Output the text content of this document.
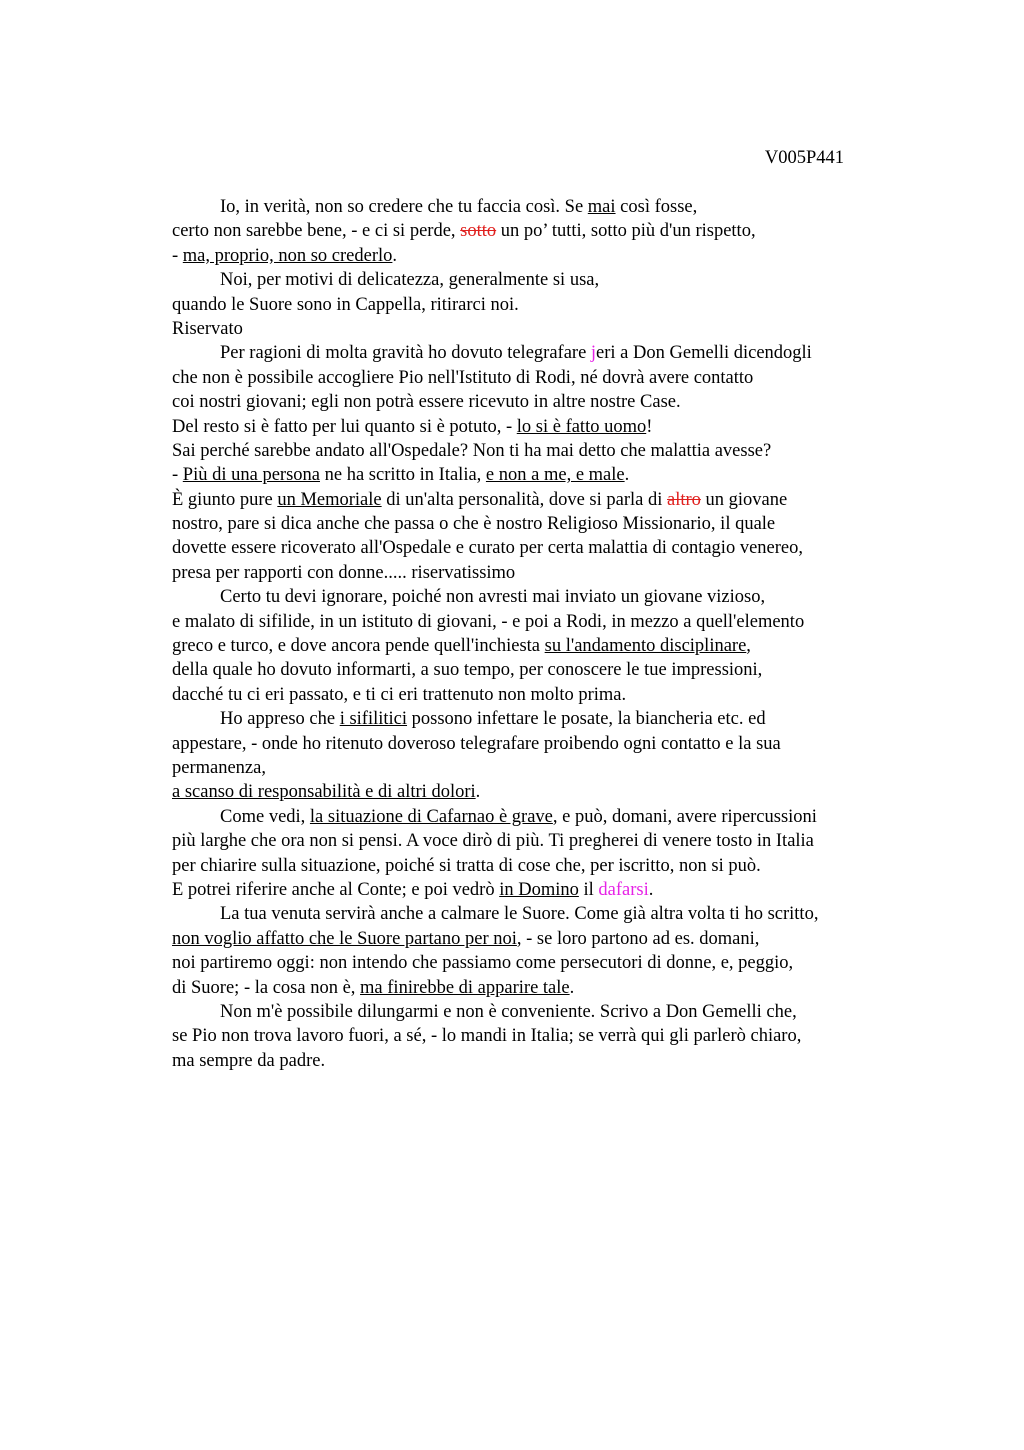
V005P441
Io, in verità, non so credere che tu faccia così. Se mai così fosse,
certo non sarebbe bene, - e ci si perde, sotto un po’ tutti, sotto più d'un rispetto,
- ma, proprio, non so crederlo.
Noi, per motivi di delicatezza, generalmente si usa,
quando le Suore sono in Cappella, ritirarci noi.
Riservato
Per ragioni di molta gravità ho dovuto telegrafare jeri a Don Gemelli dicendogli
che non è possibile accogliere Pio nell'Istituto di Rodi, né dovrà avere contatto
coi nostri giovani; egli non potrà essere ricevuto in altre nostre Case.
Del resto si è fatto per lui quanto si è potuto, - lo si è fatto uomo!
Sai perché sarebbe andato all'Ospedale? Non ti ha mai detto che malattia avesse?
- Più di una persona ne ha scritto in Italia, e non a me, e male.
È giunto pure un Memoriale di un'alta personalità, dove si parla di altro un giovane
nostro, pare si dica anche che passa o che è nostro Religioso Missionario, il quale
dovette essere ricoverato all'Ospedale e curato per certa malattia di contagio venereo,
presa per rapporti con donne..... riservatissimo
Certo tu devi ignorare, poiché non avresti mai inviato un giovane vizioso,
e malato di sifilide, in un istituto di giovani, - e poi a Rodi, in mezzo a quell'elemento
greco e turco, e dove ancora pende quell'inchiesta su l'andamento disciplinare,
della quale ho dovuto informarti, a suo tempo, per conoscere le tue impressioni,
dacché tu ci eri passato, e ti ci eri trattenuto non molto prima.
Ho appreso che i sifilitici possono infettare le posate, la biancheria etc. ed
appestare, - onde ho ritenuto doveroso telegrafare proibendo ogni contatto e la sua
permanenza,
a scanso di responsabilità e di altri dolori.
Come vedi, la situazione di Cafarnao è grave, e può, domani, avere ripercussioni
più larghe che ora non si pensi. A voce dirò di più. Ti pregherei di venere tosto in Italia
per chiarire sulla situazione, poiché si tratta di cose che, per iscritto, non si può.
E potrei riferire anche al Conte; e poi vedrò in Domino il dafarsi.
La tua venuta servirà anche a calmare le Suore. Come già altra volta ti ho scritto,
non voglio affatto che le Suore partano per noi, - se loro partono ad es. domani,
noi partiremo oggi: non intendo che passiamo come persecutori di donne, e, peggio,
di Suore; - la cosa non è, ma finirebbe di apparire tale.
Non m'è possibile dilungarmi e non è conveniente. Scrivo a Don Gemelli che,
se Pio non trova lavoro fuori, a sé, - lo mandi in Italia; se verrà qui gli parlerò chiaro,
ma sempre da padre.
